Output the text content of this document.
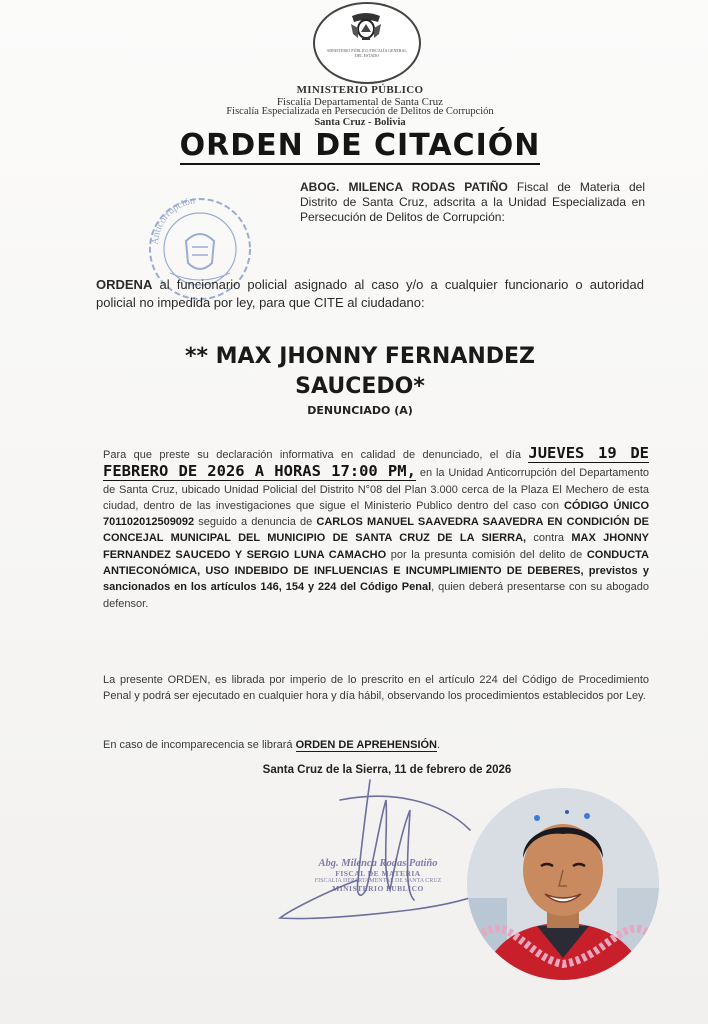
MINISTERIO PÚBLICO FISCALÍA GENERAL DEL ESTADO
MINISTERIO PÚBLICO
Fiscalía Departamental de Santa Cruz
Fiscalía Especializada en Persecución de Delitos de Corrupción
Santa Cruz - Bolivia
ORDEN DE CITACIÓN
Anticorrupción
ABOG. MILENCA RODAS PATIÑO Fiscal de Materia del Distrito de Santa Cruz, adscrita a la Unidad Especializada en Persecución de Delitos de Corrupción:
ORDENA al funcionario policial asignado al caso y/o a cualquier funcionario o autoridad policial no impedida por ley, para que CITE al ciudadano:
** MAX JHONNY FERNANDEZ SAUCEDO*
DENUNCIADO (A)
Para que preste su declaración informativa en calidad de denunciado, el día JUEVES 19 DE FEBRERO DE 2026 A HORAS 17:00 PM, en la Unidad Anticorrupción del Departamento de Santa Cruz, ubicado Unidad Policial del Distrito N°08 del Plan 3.000 cerca de la Plaza El Mechero de esta ciudad, dentro de las investigaciones que sigue el Ministerio Publico dentro del caso con CÓDIGO ÚNICO 701102012509092 seguido a denuncia de CARLOS MANUEL SAAVEDRA SAAVEDRA EN CONDICIÓN DE CONCEJAL MUNICIPAL DEL MUNICIPIO DE SANTA CRUZ DE LA SIERRA, contra MAX JHONNY FERNANDEZ SAUCEDO Y SERGIO LUNA CAMACHO por la presunta comisión del delito de CONDUCTA ANTIECONÓMICA, USO INDEBIDO DE INFLUENCIAS E INCUMPLIMIENTO DE DEBERES, previstos y sancionados en los artículos 146, 154 y 224 del Código Penal, quien deberá presentarse con su abogado defensor.
La presente ORDEN, es librada por imperio de lo prescrito en el artículo 224 del Código de Procedimiento Penal y podrá ser ejecutado en cualquier hora y día hábil, observando los procedimientos establecidos por Ley.
En caso de incomparecencia se librará ORDEN DE APREHENSIÓN.
Santa Cruz de la Sierra, 11 de febrero de 2026
Abg. Milenca Rodas Patiño
FISCAL DE MATERIA
FISCALIA DEPARTAMENTAL DE SANTA CRUZ
MINISTERIO PUBLICO
